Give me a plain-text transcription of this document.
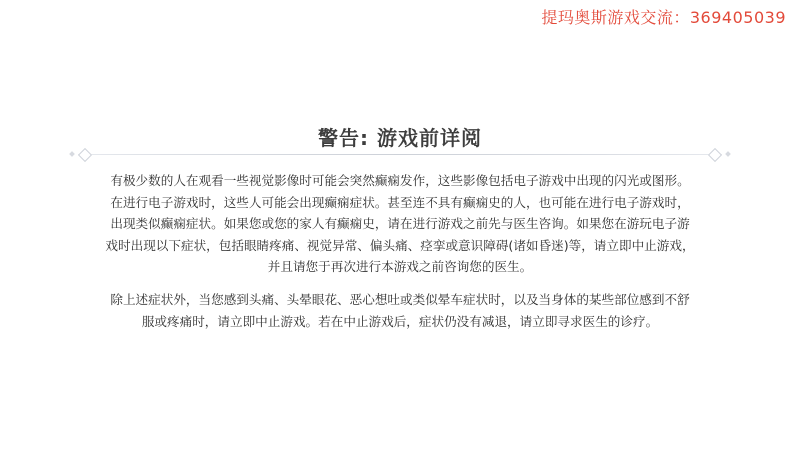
提玛奥斯游戏交流：369405039
警告: 游戏前详阅
有极少数的人在观看一些视觉影像时可能会突然癫痫发作，这些影像包括电子游戏中出现的闪光或图形。
在进行电子游戏时，这些人可能会出现癫痫症状。甚至连不具有癫痫史的人，也可能在进行电子游戏时，
出现类似癫痫症状。如果您或您的家人有癫痫史，请在进行游戏之前先与医生咨询。如果您在游玩电子游
戏时出现以下症状，包括眼睛疼痛、视觉异常、偏头痛、痉挛或意识障碍(诸如昏迷)等，请立即中止游戏，
并且请您于再次进行本游戏之前咨询您的医生。
除上述症状外，当您感到头痛、头晕眼花、恶心想吐或类似晕车症状时，以及当身体的某些部位感到不舒
服或疼痛时，请立即中止游戏。若在中止游戏后，症状仍没有减退，请立即寻求医生的诊疗。
